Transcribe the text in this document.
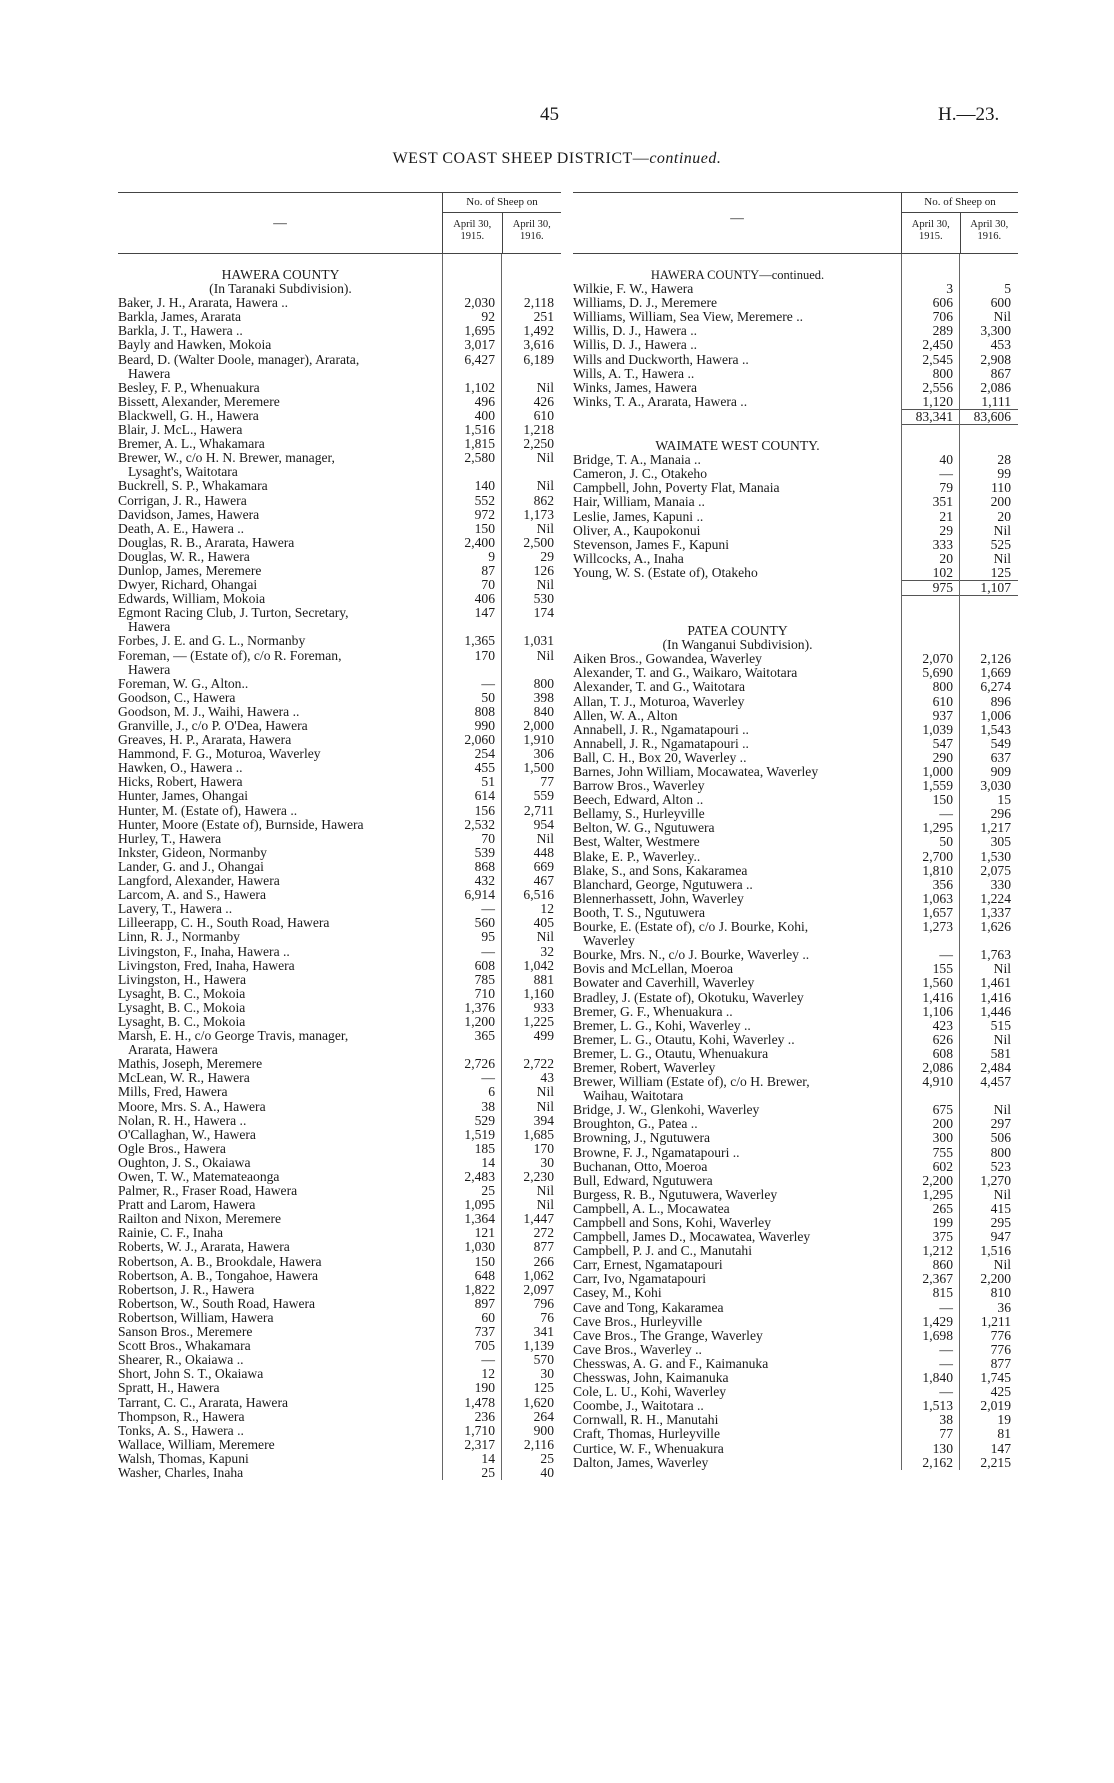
45	H.—23.
WEST COAST SHEEP DISTRICT—continued.
—
No. of Sheep on
April 30, 1915.
April 30, 1916.
HAWERA COUNTY
(In Taranaki Subdivision).
Baker, J. H., Ararata, Hawera ..	2,030	2,118
Barkla, James, Ararata	92	251
Barkla, J. T., Hawera ..	1,695	1,492
Bayly and Hawken, Mokoia	3,017	3,616
Beard, D. (Walter Doole, manager), Ararata,	6,427	6,189
Hawera
Besley, F. P., Whenuakura	1,102	Nil
Bissett, Alexander, Meremere	496	426
Blackwell, G. H., Hawera	400	610
Blair, J. McL., Hawera	1,516	1,218
Bremer, A. L., Whakamara	1,815	2,250
Brewer, W., c/o H. N. Brewer, manager,	2,580	Nil
Lysaght's, Waitotara
Buckrell, S. P., Whakamara	140	Nil
Corrigan, J. R., Hawera	552	862
Davidson, James, Hawera	972	1,173
Death, A. E., Hawera ..	150	Nil
Douglas, R. B., Ararata, Hawera	2,400	2,500
Douglas, W. R., Hawera	9	29
Dunlop, James, Meremere	87	126
Dwyer, Richard, Ohangai	70	Nil
Edwards, William, Mokoia	406	530
Egmont Racing Club, J. Turton, Secretary,	147	174
Hawera
Forbes, J. E. and G. L., Normanby	1,365	1,031
Foreman, — (Estate of), c/o R. Foreman,	170	Nil
Hawera
Foreman, W. G., Alton..	—	800
Goodson, C., Hawera	50	398
Goodson, M. J., Waihi, Hawera ..	808	840
Granville, J., c/o P. O'Dea, Hawera	990	2,000
Greaves, H. P., Ararata, Hawera	2,060	1,910
Hammond, F. G., Moturoa, Waverley	254	306
Hawken, O., Hawera ..	455	1,500
Hicks, Robert, Hawera	51	77
Hunter, James, Ohangai	614	559
Hunter, M. (Estate of), Hawera ..	156	2,711
Hunter, Moore (Estate of), Burnside, Hawera	2,532	954
Hurley, T., Hawera	70	Nil
Inkster, Gideon, Normanby	539	448
Lander, G. and J., Ohangai	868	669
Langford, Alexander, Hawera	432	467
Larcom, A. and S., Hawera	6,914	6,516
Lavery, T., Hawera ..	—	12
Lilleerapp, C. H., South Road, Hawera	560	405
Linn, R. J., Normanby	95	Nil
Livingston, F., Inaha, Hawera ..	—	32
Livingston, Fred, Inaha, Hawera	608	1,042
Livingston, H., Hawera	785	881
Lysaght, B. C., Mokoia	710	1,160
Lysaght, B. C., Mokoia	1,376	933
Lysaght, B. C., Mokoia	1,200	1,225
Marsh, E. H., c/o George Travis, manager,	365	499
Ararata, Hawera
Mathis, Joseph, Meremere	2,726	2,722
McLean, W. R., Hawera	—	43
Mills, Fred, Hawera	6	Nil
Moore, Mrs. S. A., Hawera	38	Nil
Nolan, R. H., Hawera ..	529	394
O'Callaghan, W., Hawera	1,519	1,685
Ogle Bros., Hawera	185	170
Oughton, J. S., Okaiawa	14	30
Owen, T. W., Matemateaonga	2,483	2,230
Palmer, R., Fraser Road, Hawera	25	Nil
Pratt and Larom, Hawera	1,095	Nil
Railton and Nixon, Meremere	1,364	1,447
Rainie, C. F., Inaha	121	272
Roberts, W. J., Ararata, Hawera	1,030	877
Robertson, A. B., Brookdale, Hawera	150	266
Robertson, A. B., Tongahoe, Hawera	648	1,062
Robertson, J. R., Hawera	1,822	2,097
Robertson, W., South Road, Hawera	897	796
Robertson, William, Hawera	60	76
Sanson Bros., Meremere	737	341
Scott Bros., Whakamara	705	1,139
Shearer, R., Okaiawa ..	—	570
Short, John S. T., Okaiawa	12	30
Spratt, H., Hawera	190	125
Tarrant, C. C., Ararata, Hawera	1,478	1,620
Thompson, R., Hawera	236	264
Tonks, A. S., Hawera ..	1,710	900
Wallace, William, Meremere	2,317	2,116
Walsh, Thomas, Kapuni	14	25
Washer, Charles, Inaha	25	40
—
No. of Sheep on
April 30, 1915.
April 30, 1916.
HAWERA COUNTY—continued.
Wilkie, F. W., Hawera	3	5
Williams, D. J., Meremere	606	600
Williams, William, Sea View, Meremere ..	706	Nil
Willis, D. J., Hawera ..	289	3,300
Willis, D. J., Hawera ..	2,450	453
Wills and Duckworth, Hawera ..	2,545	2,908
Wills, A. T., Hawera ..	800	867
Winks, James, Hawera	2,556	2,086
Winks, T. A., Ararata, Hawera ..	1,120	1,111
83,341	83,606
WAIMATE WEST COUNTY.
Bridge, T. A., Manaia ..	40	28
Cameron, J. C., Otakeho	—	99
Campbell, John, Poverty Flat, Manaia	79	110
Hair, William, Manaia ..	351	200
Leslie, James, Kapuni ..	21	20
Oliver, A., Kaupokonui	29	Nil
Stevenson, James F., Kapuni	333	525
Willcocks, A., Inaha	20	Nil
Young, W. S. (Estate of), Otakeho	102	125
975	1,107
PATEA COUNTY
(In Wanganui Subdivision).
Aiken Bros., Gowandea, Waverley	2,070	2,126
Alexander, T. and G., Waikaro, Waitotara	5,690	1,669
Alexander, T. and G., Waitotara	800	6,274
Allan, T. J., Moturoa, Waverley	610	896
Allen, W. A., Alton	937	1,006
Annabell, J. R., Ngamatapouri ..	1,039	1,543
Annabell, J. R., Ngamatapouri ..	547	549
Ball, C. H., Box 20, Waverley ..	290	637
Barnes, John William, Mocawatea, Waverley	1,000	909
Barrow Bros., Waverley	1,559	3,030
Beech, Edward, Alton ..	150	15
Bellamy, S., Hurleyville	—	296
Belton, W. G., Ngutuwera	1,295	1,217
Best, Walter, Westmere	50	305
Blake, E. P., Waverley..	2,700	1,530
Blake, S., and Sons, Kakaramea	1,810	2,075
Blanchard, George, Ngutuwera ..	356	330
Blennerhassett, John, Waverley	1,063	1,224
Booth, T. S., Ngutuwera	1,657	1,337
Bourke, E. (Estate of), c/o J. Bourke, Kohi,	1,273	1,626
Waverley
Bourke, Mrs. N., c/o J. Bourke, Waverley ..	—	1,763
Bovis and McLellan, Moeroa	155	Nil
Bowater and Caverhill, Waverley	1,560	1,461
Bradley, J. (Estate of), Okotuku, Waverley	1,416	1,416
Bremer, G. F., Whenuakura ..	1,106	1,446
Bremer, L. G., Kohi, Waverley ..	423	515
Bremer, L. G., Otautu, Kohi, Waverley ..	626	Nil
Bremer, L. G., Otautu, Whenuakura	608	581
Bremer, Robert, Waverley	2,086	2,484
Brewer, William (Estate of), c/o H. Brewer,	4,910	4,457
Waihau, Waitotara
Bridge, J. W., Glenkohi, Waverley	675	Nil
Broughton, G., Patea ..	200	297
Browning, J., Ngutuwera	300	506
Browne, F. J., Ngamatapouri ..	755	800
Buchanan, Otto, Moeroa	602	523
Bull, Edward, Ngutuwera	2,200	1,270
Burgess, R. B., Ngutuwera, Waverley	1,295	Nil
Campbell, A. L., Mocawatea	265	415
Campbell and Sons, Kohi, Waverley	199	295
Campbell, James D., Mocawatea, Waverley	375	947
Campbell, P. J. and C., Manutahi	1,212	1,516
Carr, Ernest, Ngamatapouri	860	Nil
Carr, Ivo, Ngamatapouri	2,367	2,200
Casey, M., Kohi	815	810
Cave and Tong, Kakaramea	—	36
Cave Bros., Hurleyville	1,429	1,211
Cave Bros., The Grange, Waverley	1,698	776
Cave Bros., Waverley ..	—	776
Chesswas, A. G. and F., Kaimanuka	—	877
Chesswas, John, Kaimanuka	1,840	1,745
Cole, L. U., Kohi, Waverley	—	425
Coombe, J., Waitotara ..	1,513	2,019
Cornwall, R. H., Manutahi	38	19
Craft, Thomas, Hurleyville	77	81
Curtice, W. F., Whenuakura	130	147
Dalton, James, Waverley	2,162	2,215
